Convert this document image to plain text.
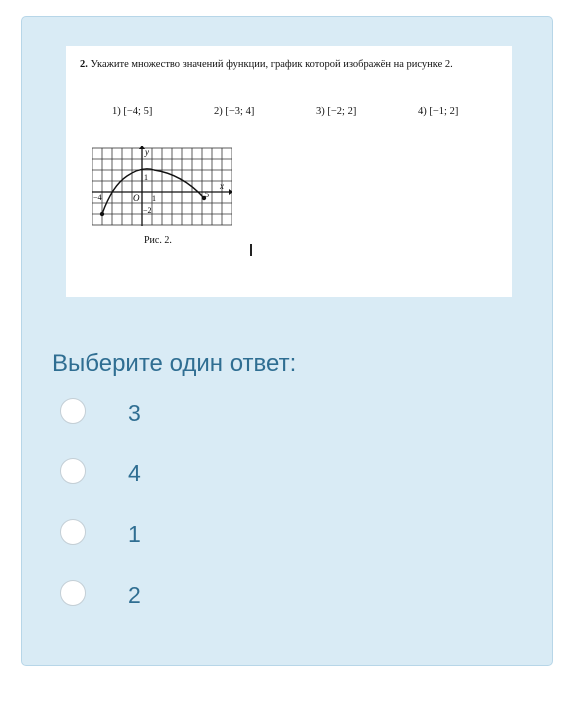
2. Укажите множество значений функции, график которой изображён на рисунке 2.
1) [−4; 5]	2) [−3; 4]	3) [−2; 2]	4) [−1; 2]
y
x
1
O 1
−2
−4	5
Рис. 2.
Выберите один ответ:
3
4
1
2
